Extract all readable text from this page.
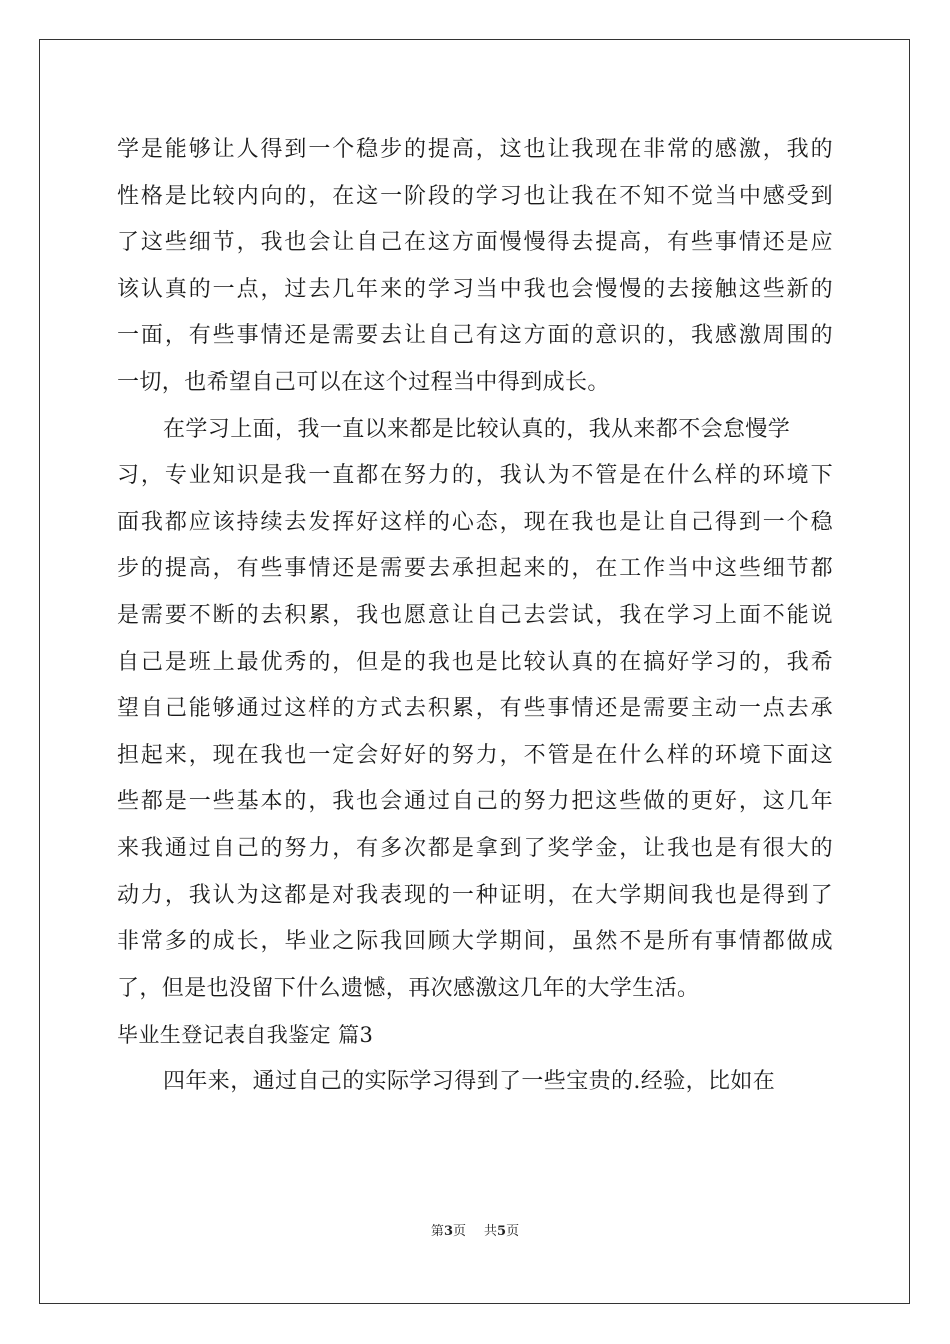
学是能够让人得到一个稳步的提高，这也让我现在非常的感激，我的
性格是比较内向的，在这一阶段的学习也让我在不知不觉当中感受到
了这些细节，我也会让自己在这方面慢慢得去提高，有些事情还是应
该认真的一点，过去几年来的学习当中我也会慢慢的去接触这些新的
一面，有些事情还是需要去让自己有这方面的意识的，我感激周围的
一切，也希望自己可以在这个过程当中得到成长。
在学习上面，我一直以来都是比较认真的，我从来都不会怠慢学
习，专业知识是我一直都在努力的，我认为不管是在什么样的环境下
面我都应该持续去发挥好这样的心态，现在我也是让自己得到一个稳
步的提高，有些事情还是需要去承担起来的，在工作当中这些细节都
是需要不断的去积累，我也愿意让自己去尝试，我在学习上面不能说
自己是班上最优秀的，但是的我也是比较认真的在搞好学习的，我希
望自己能够通过这样的方式去积累，有些事情还是需要主动一点去承
担起来，现在我也一定会好好的努力，不管是在什么样的环境下面这
些都是一些基本的，我也会通过自己的努力把这些做的更好，这几年
来我通过自己的努力，有多次都是拿到了奖学金，让我也是有很大的
动力，我认为这都是对我表现的一种证明，在大学期间我也是得到了
非常多的成长，毕业之际我回顾大学期间，虽然不是所有事情都做成
了，但是也没留下什么遗憾，再次感激这几年的大学生活。
毕业生登记表自我鉴定 篇3
四年来，通过自己的实际学习得到了一些宝贵的.经验，比如在
第3页 共5页
